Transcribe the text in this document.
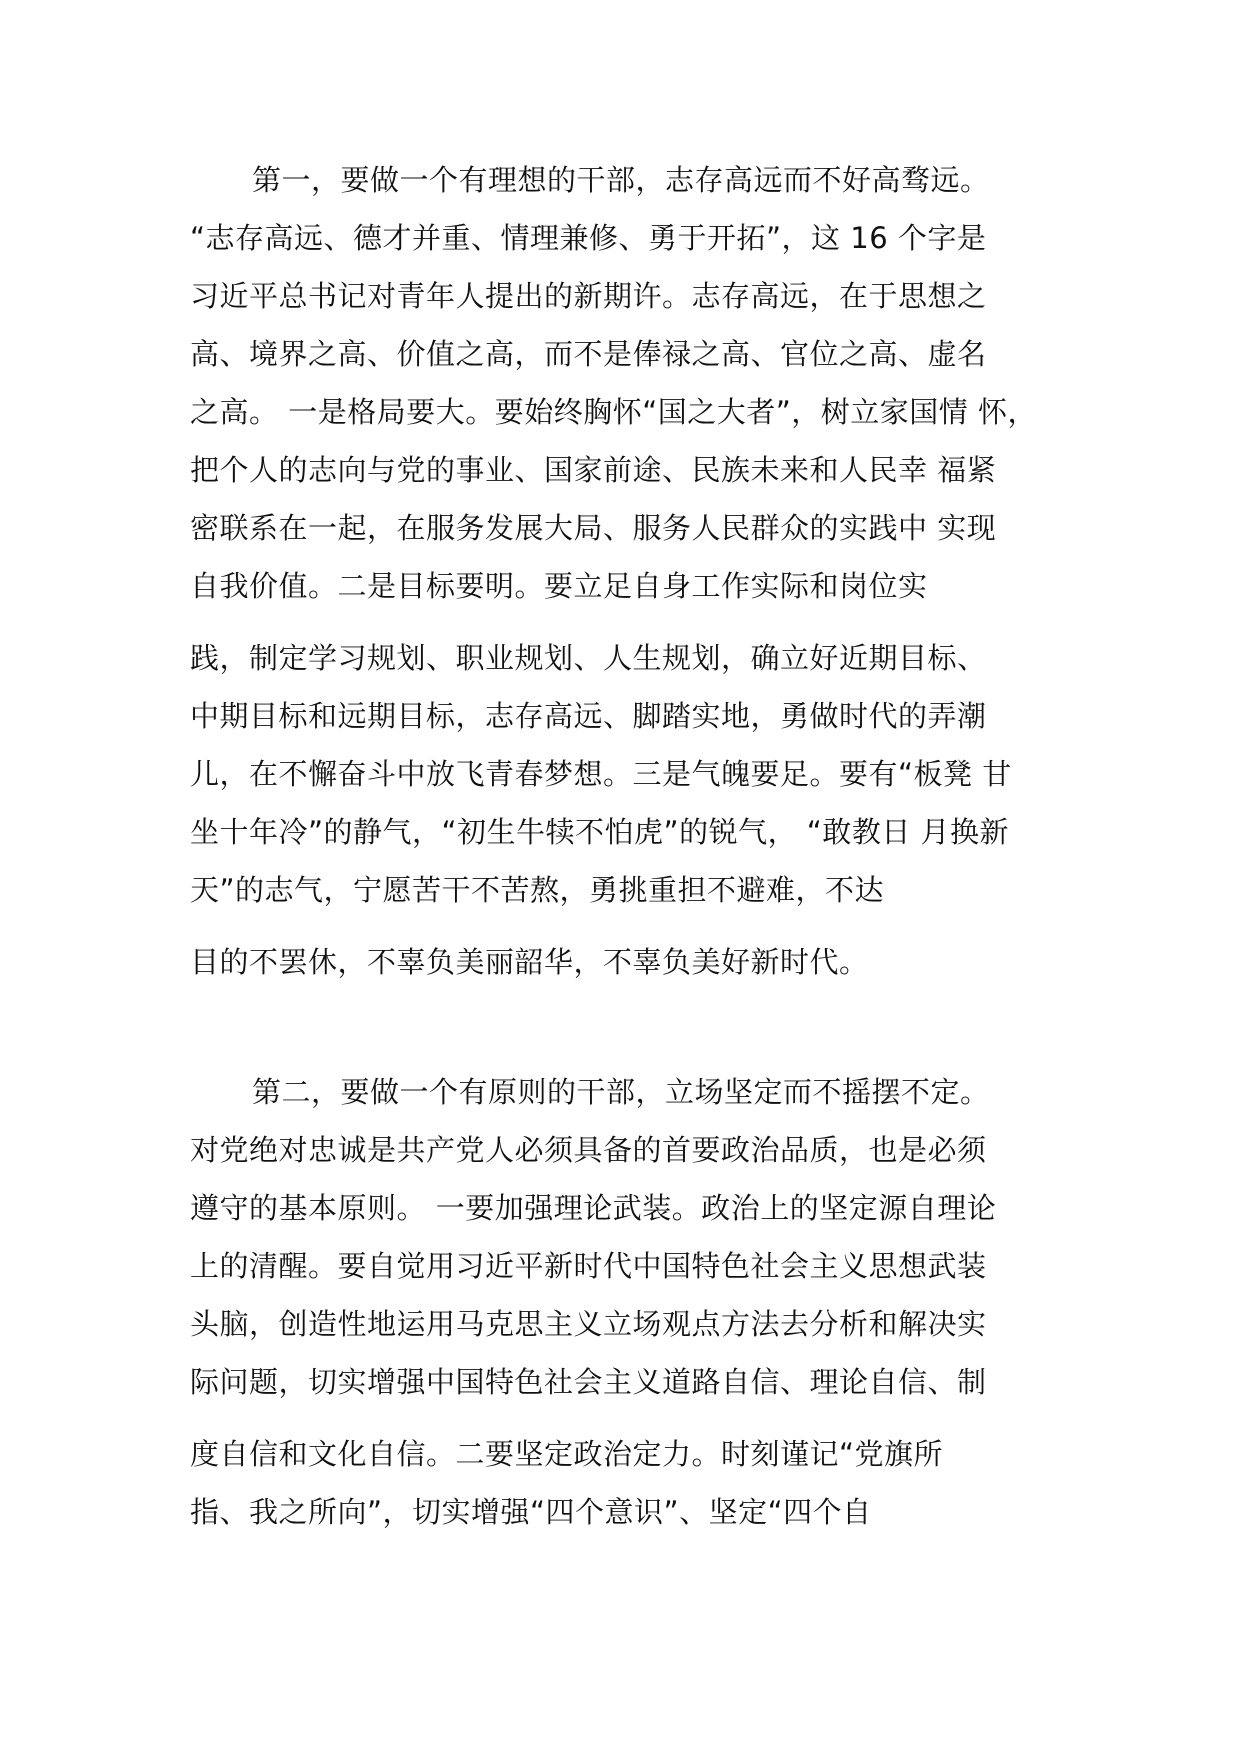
第一，要做一个有理想的干部，志存高远而不好高骛远。
“志存高远、德才并重、情理兼修、勇于开拓”，这 16 个字是
习近平总书记对青年人提出的新期许。志存高远，在于思想之
高、境界之高、价值之高，而不是俸禄之高、官位之高、虚名
之高。 一是格局要大。要始终胸怀“国之大者”，树立家国情 怀，
把个人的志向与党的事业、国家前途、民族未来和人民幸 福紧
密联系在一起，在服务发展大局、服务人民群众的实践中 实现
自我价值。二是目标要明。要立足自身工作实际和岗位实
践，制定学习规划、职业规划、人生规划，确立好近期目标、
中期目标和远期目标，志存高远、脚踏实地，勇做时代的弄潮
儿，在不懈奋斗中放飞青春梦想。三是气魄要足。要有“板凳 甘
坐十年冷”的静气，“初生牛犊不怕虎”的锐气， “敢教日 月换新
天”的志气，宁愿苦干不苦熬，勇挑重担不避难，不达
目的不罢休，不辜负美丽韶华，不辜负美好新时代。
第二，要做一个有原则的干部，立场坚定而不摇摆不定。
对党绝对忠诚是共产党人必须具备的首要政治品质，也是必须
遵守的基本原则。 一要加强理论武装。政治上的坚定源自理论
上的清醒。要自觉用习近平新时代中国特色社会主义思想武装
头脑，创造性地运用马克思主义立场观点方法去分析和解决实
际问题，切实增强中国特色社会主义道路自信、理论自信、制
度自信和文化自信。二要坚定政治定力。时刻谨记“党旗所
指、我之所向”，切实增强“四个意识”、坚定“四个自
